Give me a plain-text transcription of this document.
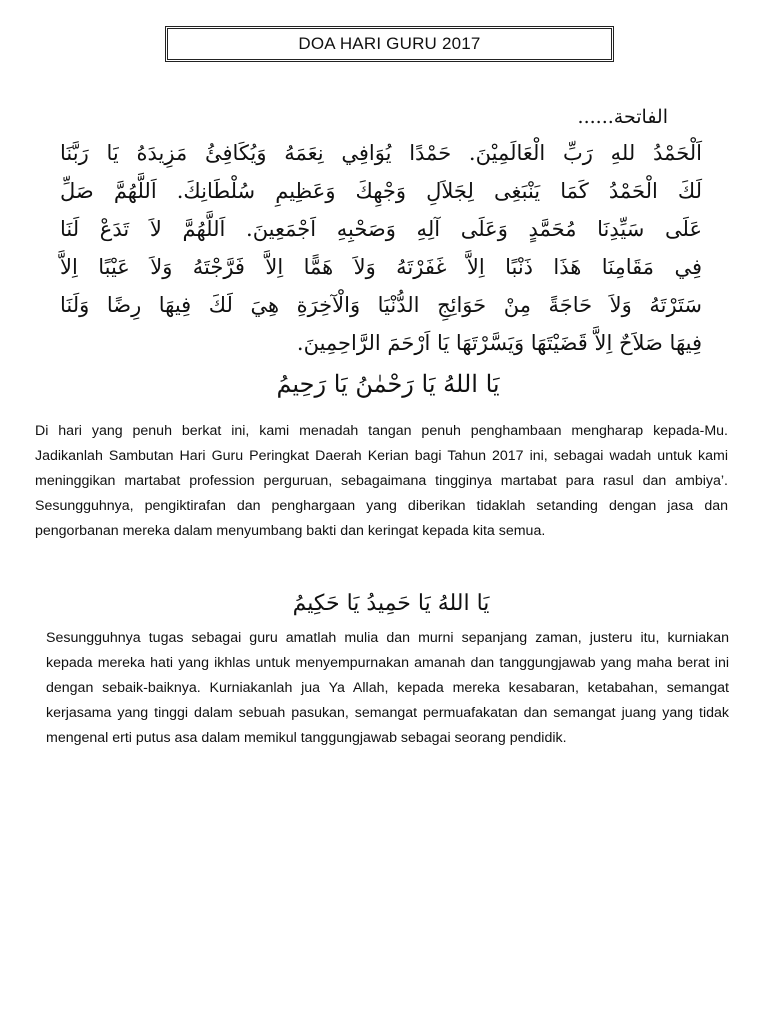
DOA HARI GURU 2017
الفاتحة......
اَلْحَمْدُ للهِ رَبِّ الْعَالَمِيْنَ. حَمْدًا يُوَافِي نِعَمَهُ وَيُكَافِئُ مَزِيدَهُ يَا رَبَّنَا
لَكَ الْحَمْدُ كَمَا يَنْبَغِى لِجَلاَلِ وَجْهِكَ وَعَظِيمِ سُلْطَانِكَ. اَللَّهُمَّ صَلِّ
عَلَى سَيِّدِنَا مُحَمَّدٍ وَعَلَى آلِهِ وَصَحْبِهِ اَجْمَعِينَ. اَللَّهُمَّ لاَ تَدَعْ لَنَا
فِي مَقَامِنَا هَذَا ذَنْبًا اِلاَّ غَفَرْتَهُ وَلاَ هَمًّا اِلاَّ فَرَّجْتَهُ وَلاَ عَيْبًا اِلاَّ
سَتَرْتَهُ وَلاَ حَاجَةً مِنْ حَوَائِجِ الدُّنْيَا وَالْآخِرَةِ هِيَ لَكَ فِيهَا رِضًا وَلَنَا
فِيهَا صَلاَحٌ اِلاَّ قَضَيْتَهَا وَيَسَّرْتَهَا يَا اَرْحَمَ الرَّاحِمِينَ.
يَا اللهُ يَا رَحْمٰنُ يَا رَحِيمُ

Di hari yang penuh berkat ini, kami menadah tangan penuh penghambaan mengharap kepada-Mu. Jadikanlah Sambutan Hari Guru Peringkat Daerah Kerian bagi Tahun 2017 ini, sebagai wadah untuk kami meninggikan martabat profession perguruan, sebagaimana tingginya martabat para rasul dan ambiya’. Sesungguhnya, pengiktirafan dan penghargaan yang diberikan tidaklah setanding dengan jasa dan pengorbanan mereka dalam menyumbang bakti dan keringat kepada kita semua.

يَا اللهُ يَا حَمِيدُ يَا حَكِيمُ

Sesungguhnya tugas sebagai guru amatlah mulia dan murni sepanjang zaman, justeru itu, kurniakan kepada mereka hati yang ikhlas untuk menyempurnakan amanah dan tanggungjawab yang maha berat ini dengan sebaik-baiknya. Kurniakanlah jua Ya Allah, kepada mereka kesabaran, ketabahan, semangat kerjasama yang tinggi dalam sebuah pasukan, semangat permuafakatan dan semangat juang yang tidak mengenal erti putus asa dalam memikul tanggungjawab sebagai seorang pendidik.
